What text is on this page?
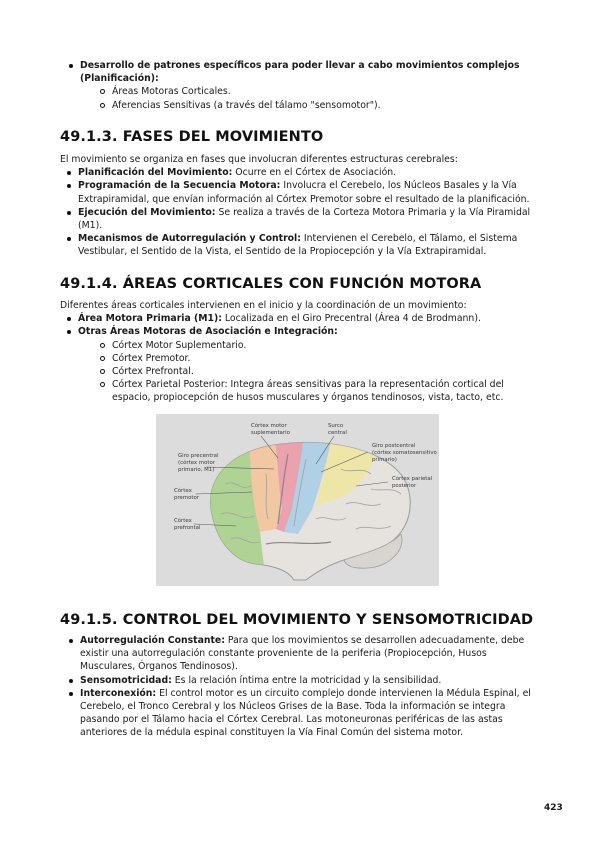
Desarrollo de patrones específicos para poder llevar a cabo movimientos complejos (Planificación):
Áreas Motoras Corticales.
Aferencias Sensitivas (a través del tálamo "sensomotor").
49.1.3. FASES DEL MOVIMIENTO
El movimiento se organiza en fases que involucran diferentes estructuras cerebrales:
Planificación del Movimiento: Ocurre en el Córtex de Asociación.
Programación de la Secuencia Motora: Involucra el Cerebelo, los Núcleos Basales y la Vía Extrapiramidal, que envían información al Córtex Premotor sobre el resultado de la planificación.
Ejecución del Movimiento: Se realiza a través de la Corteza Motora Primaria y la Vía Piramidal (M1).
Mecanismos de Autorregulación y Control: Intervienen el Cerebelo, el Tálamo, el Sistema Vestibular, el Sentido de la Vista, el Sentido de la Propiocepción y la Vía Extrapiramidal.
49.1.4. ÁREAS CORTICALES CON FUNCIÓN MOTORA
Diferentes áreas corticales intervienen en el inicio y la coordinación de un movimiento:
Área Motora Primaria (M1): Localizada en el Giro Precentral (Área 4 de Brodmann).
Otras Áreas Motoras de Asociación e Integración:
Córtex Motor Suplementario.
Córtex Premotor.
Córtex Prefrontal.
Córtex Parietal Posterior: Integra áreas sensitivas para la representación cortical del espacio, propiocepción de husos musculares y órganos tendinosos, vista, tacto, etc.
Córtex motor suplementario
Surco central
Giro postcentral (córtex somatosensitivo primario)
Giro precentral (córtex motor primario, M1)
Córtex premotor
Córtex prefrontal
Córtex parietal posterior
49.1.5. CONTROL DEL MOVIMIENTO Y SENSOMOTRICIDAD
Autorregulación Constante: Para que los movimientos se desarrollen adecuadamente, debe existir una autorregulación constante proveniente de la periferia (Propiocepción, Husos Musculares, Órganos Tendinosos).
Sensomotricidad: Es la relación íntima entre la motricidad y la sensibilidad.
Interconexión: El control motor es un circuito complejo donde intervienen la Médula Espinal, el Cerebelo, el Tronco Cerebral y los Núcleos Grises de la Base. Toda la información se integra pasando por el Tálamo hacia el Córtex Cerebral. Las motoneuronas periféricas de las astas anteriores de la médula espinal constituyen la Vía Final Común del sistema motor.
423
